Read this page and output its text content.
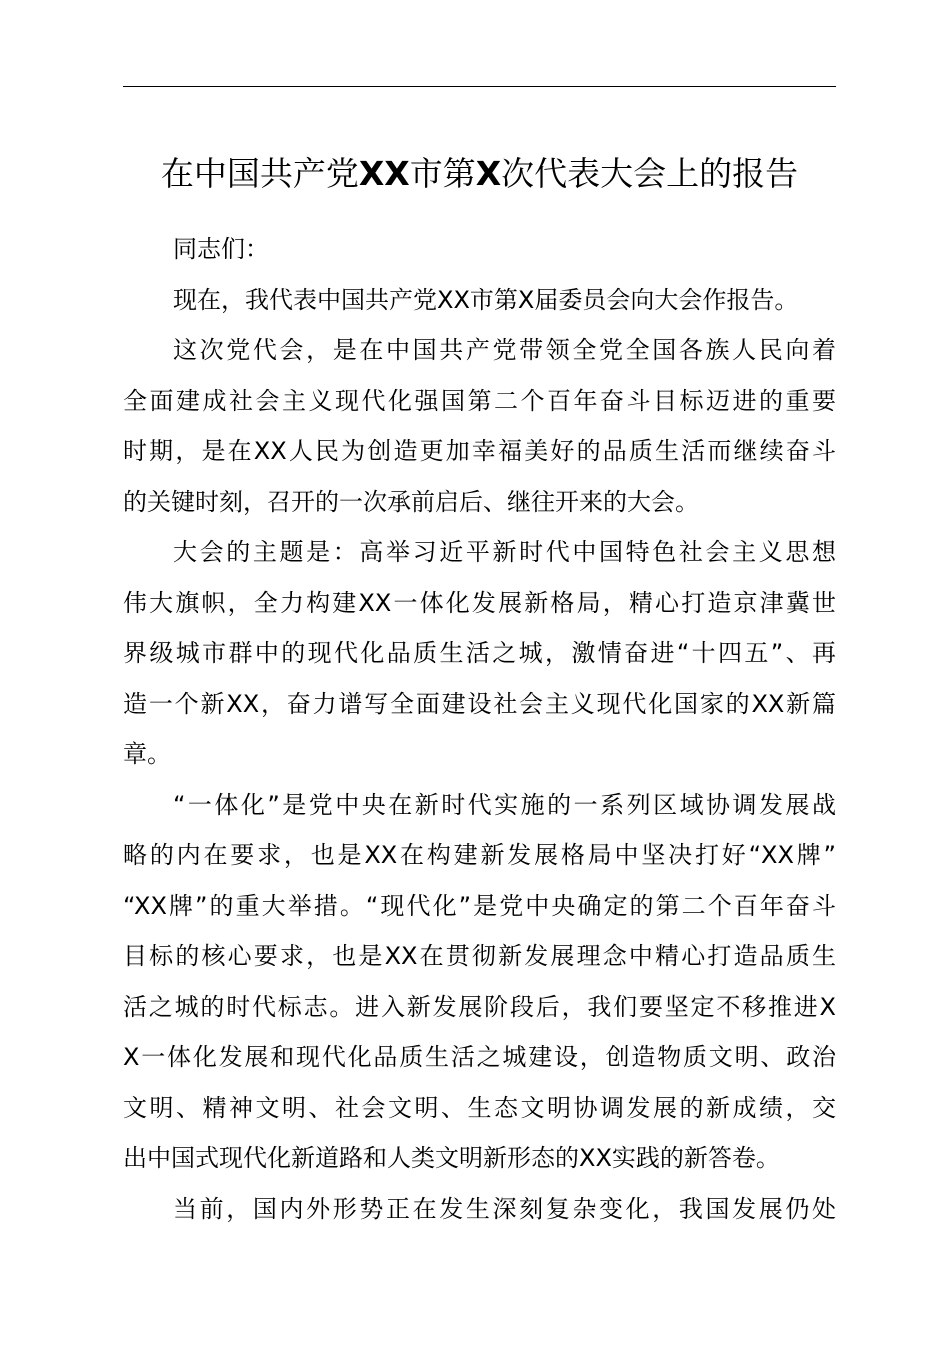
在中国共产党XX市第X次代表大会上的报告
同志们：
现在，我代表中国共产党XX市第X届委员会向大会作报告。
这次党代会，是在中国共产党带领全党全国各族人民向着
全面建成社会主义现代化强国第二个百年奋斗目标迈进的重要
时期，是在XX人民为创造更加幸福美好的品质生活而继续奋斗
的关键时刻，召开的一次承前启后、继往开来的大会。
大会的主题是：高举习近平新时代中国特色社会主义思想
伟大旗帜，全力构建XX一体化发展新格局，精心打造京津冀世
界级城市群中的现代化品质生活之城，激情奋进“十四五”、再
造一个新XX，奋力谱写全面建设社会主义现代化国家的XX新篇
章。
“一体化”是党中央在新时代实施的一系列区域协调发展战
略的内在要求，也是XX在构建新发展格局中坚决打好“XX牌”
“XX牌”的重大举措。“现代化”是党中央确定的第二个百年奋斗
目标的核心要求，也是XX在贯彻新发展理念中精心打造品质生
活之城的时代标志。进入新发展阶段后，我们要坚定不移推进X
X一体化发展和现代化品质生活之城建设，创造物质文明、政治
文明、精神文明、社会文明、生态文明协调发展的新成绩，交
出中国式现代化新道路和人类文明新形态的XX实践的新答卷。
当前，国内外形势正在发生深刻复杂变化，我国发展仍处
